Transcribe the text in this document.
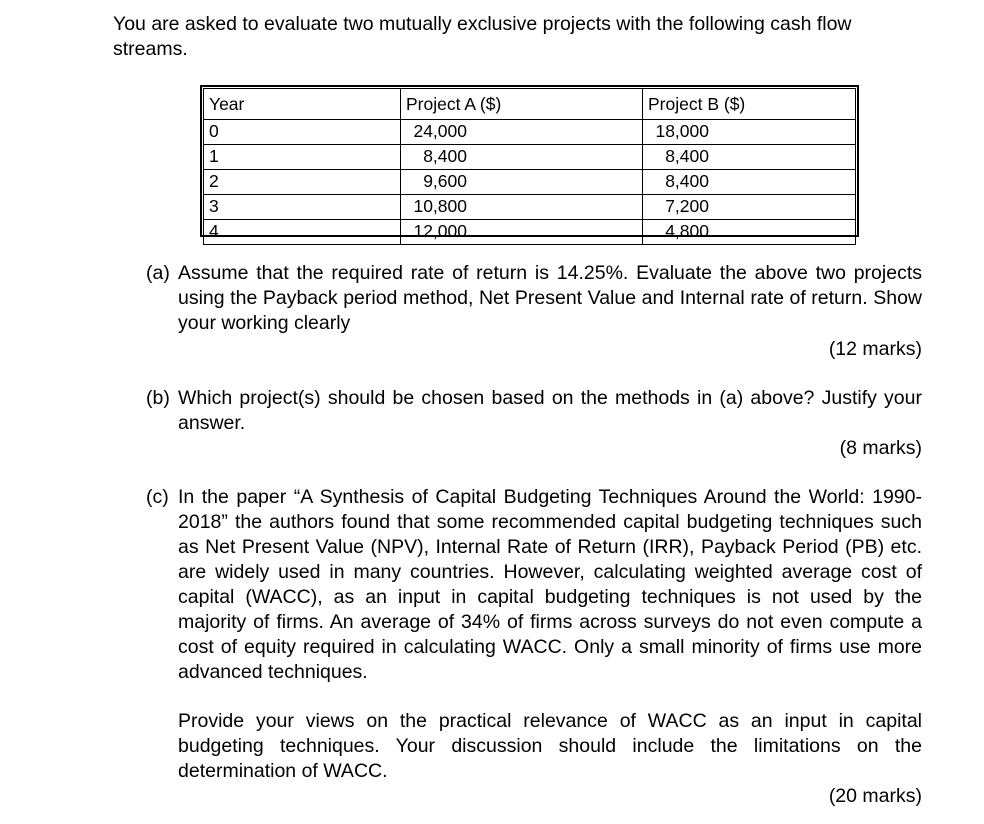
You are asked to evaluate two mutually exclusive projects with the following cash flow streams.

Year	Project A ($)	Project B ($)
0	24,000	18,000
1	8,400	8,400
2	9,600	8,400
3	10,800	7,200
4	12,000	4,800
(a) Assume that the required rate of return is 14.25%. Evaluate the above two projects using the Payback period method, Net Present Value and Internal rate of return. Show your working clearly

(12 marks)

(b) Which project(s) should be chosen based on the methods in (a) above? Justify your answer.

(8 marks)

(c) In the paper “A Synthesis of Capital Budgeting Techniques Around the World: 1990-2018” the authors found that some recommended capital budgeting techniques such as Net Present Value (NPV), Internal Rate of Return (IRR), Payback Period (PB) etc. are widely used in many countries. However, calculating weighted average cost of capital (WACC), as an input in capital budgeting techniques is not used by the majority of firms. An average of 34% of firms across surveys do not even compute a cost of equity required in calculating WACC. Only a small minority of firms use more advanced techniques.

Provide your views on the practical relevance of WACC as an input in capital budgeting techniques. Your discussion should include the limitations on the determination of WACC.

(20 marks)
